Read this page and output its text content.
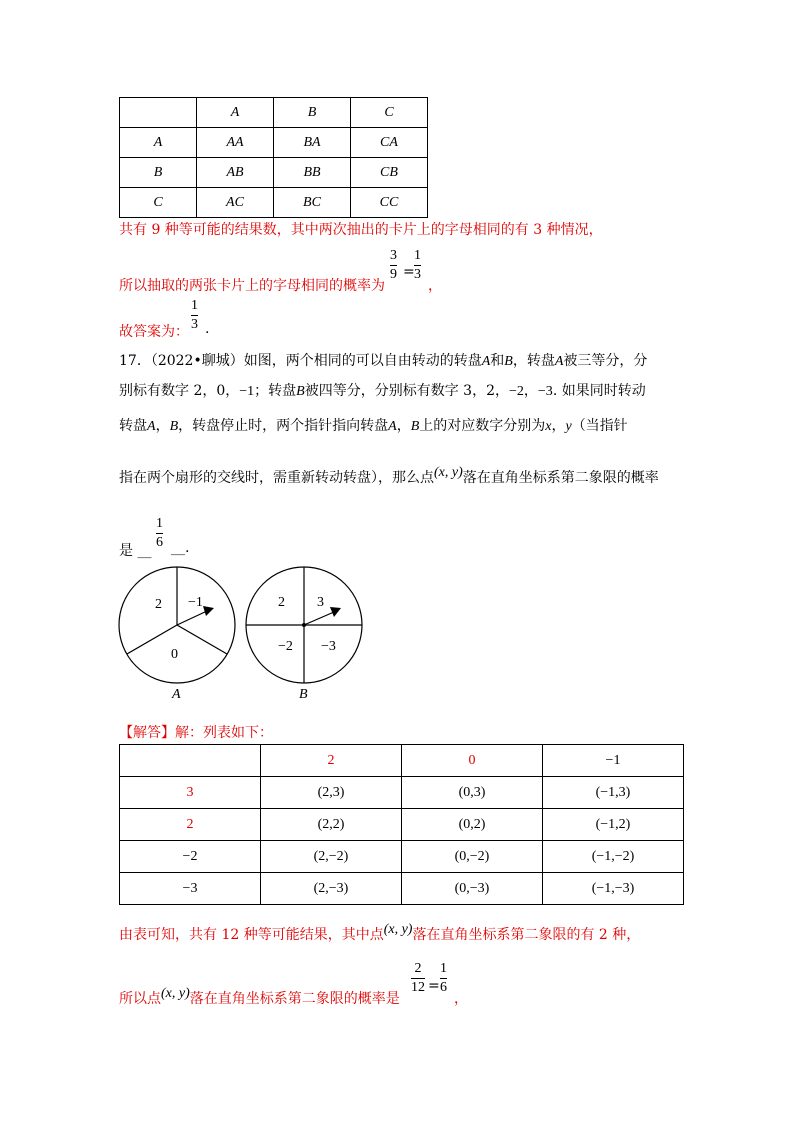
	A	B	C
A	AA	BA	CA
B	AB	BB	CB
C	AC	BC	CC
共有 9 种等可能的结果数，其中两次抽出的卡片上的字母相同的有 3 种情况，
所以抽取的两张卡片上的字母相同的概率为
3
9 =
1
3
，
故答案为：
1
3 .
17．（2022•聊城）如图，两个相同的可以自由转动的转盘A和B，转盘A被三等分，分
别标有数字 2，0，−1；转盘B被四等分，分别标有数字 3，2，−2，−3. 如果同时转动
转盘A，B，转盘停止时，两个指针指向转盘A，B上的对应数字分别为x，y（当指针
指在两个扇形的交线时，需重新转动转盘），那么点(x, y)落在直角坐标系第二象限的概率
是 __
1
6 __.
2 −1
0
A
2 3
−2 −3
B
【解答】解：列表如下：
	2	0	−1
3	(2,3)	(0,3)	(−1,3)
2	(2,2)	(0,2)	(−1,2)
−2	(2,−2)	(0,−2)	(−1,−2)
−3	(2,−3)	(0,−3)	(−1,−3)
由表可知，共有 12 种等可能结果，其中点(x, y)落在直角坐标系第二象限的有 2 种，
所以点(x, y)落在直角坐标系第二象限的概率是
2
12 =
1
6
，
